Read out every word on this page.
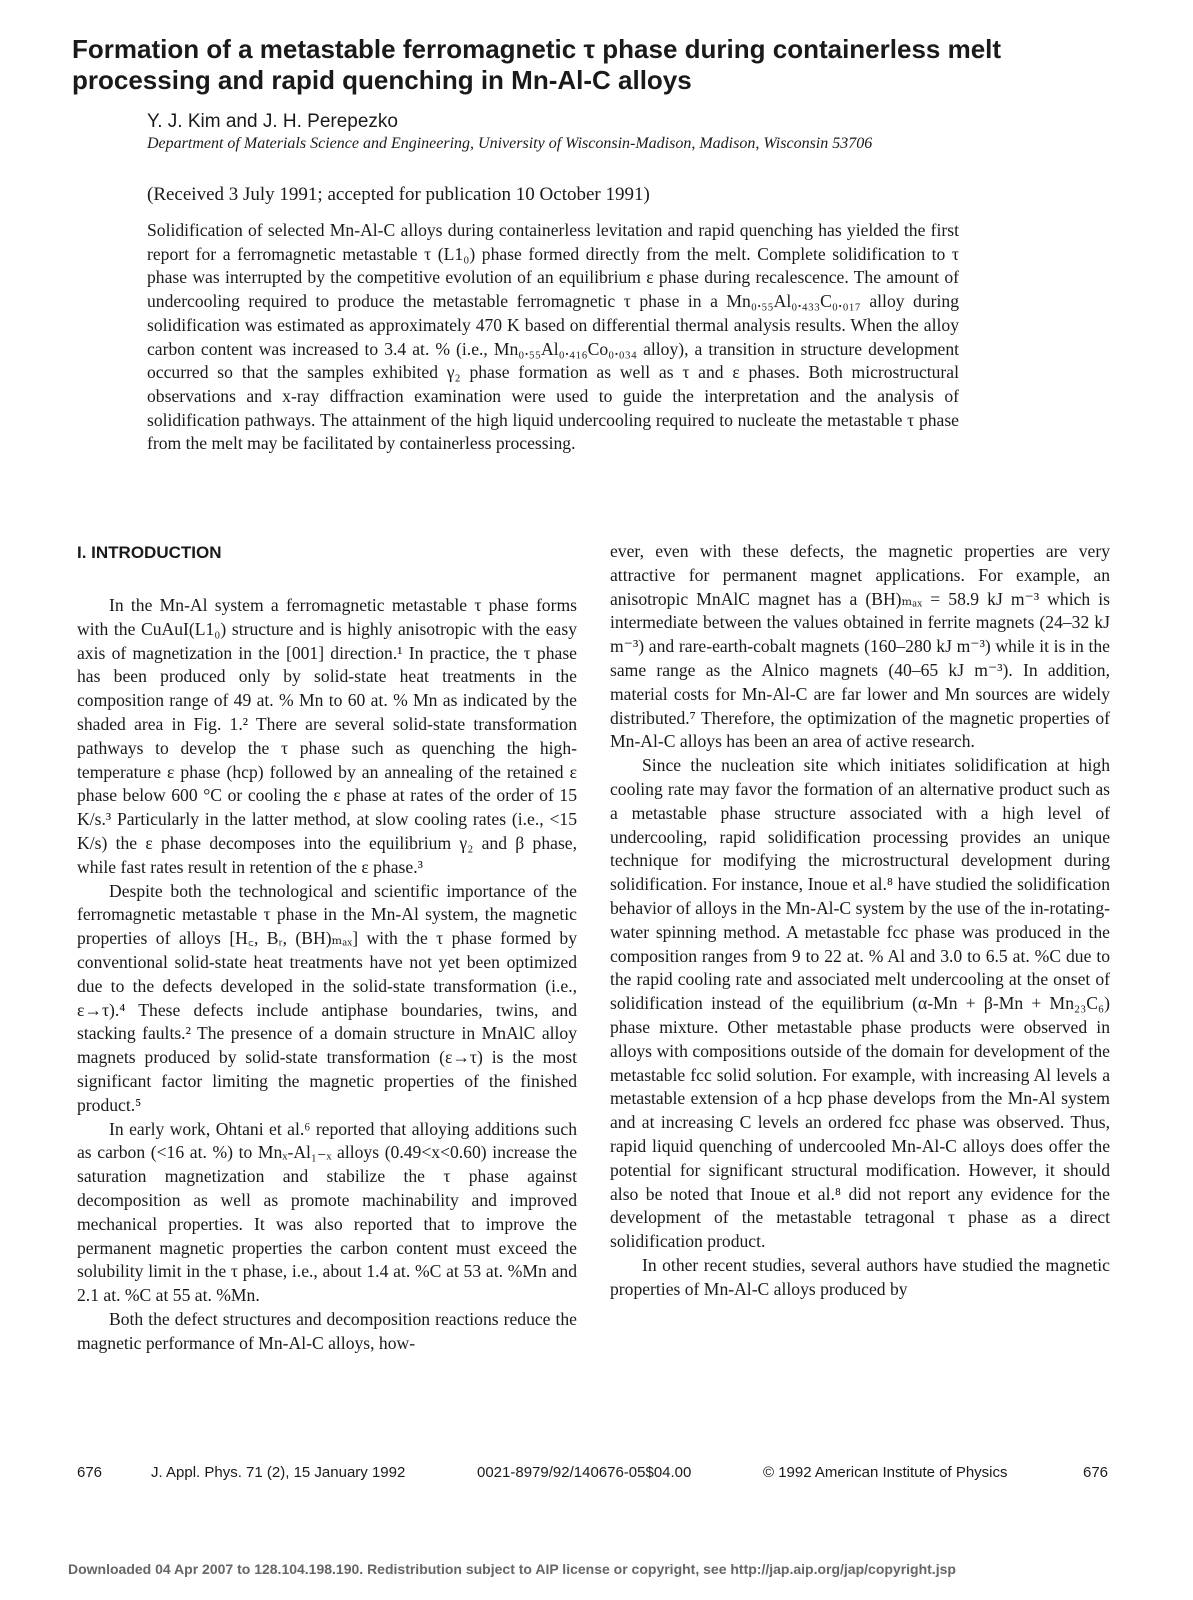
Formation of a metastable ferromagnetic τ phase during containerless melt processing and rapid quenching in Mn-Al-C alloys

Y. J. Kim and J. H. Perepezko

Department of Materials Science and Engineering, University of Wisconsin-Madison, Madison, Wisconsin 53706

(Received 3 July 1991; accepted for publication 10 October 1991)

Solidification of selected Mn-Al-C alloys during containerless levitation and rapid quenching has yielded the first report for a ferromagnetic metastable τ (L1₀) phase formed directly from the melt. Complete solidification to τ phase was interrupted by the competitive evolution of an equilibrium ε phase during recalescence. The amount of undercooling required to produce the metastable ferromagnetic τ phase in a Mn₀.₅₅Al₀.₄₃₃C₀.₀₁₇ alloy during solidification was estimated as approximately 470 K based on differential thermal analysis results. When the alloy carbon content was increased to 3.4 at. % (i.e., Mn₀.₅₅Al₀.₄₁₆Co₀.₀₃₄ alloy), a transition in structure development occurred so that the samples exhibited γ₂ phase formation as well as τ and ε phases. Both microstructural observations and x-ray diffraction examination were used to guide the interpretation and the analysis of solidification pathways. The attainment of the high liquid undercooling required to nucleate the metastable τ phase from the melt may be facilitated by containerless processing.

I. INTRODUCTION

In the Mn-Al system a ferromagnetic metastable τ phase forms with the CuAuI(L1₀) structure and is highly anisotropic with the easy axis of magnetization in the [001] direction.¹ In practice, the τ phase has been produced only by solid-state heat treatments in the composition range of 49 at. % Mn to 60 at. % Mn as indicated by the shaded area in Fig. 1.² There are several solid-state transformation pathways to develop the τ phase such as quenching the high-temperature ε phase (hcp) followed by an annealing of the retained ε phase below 600 °C or cooling the ε phase at rates of the order of 15 K/s.³ Particularly in the latter method, at slow cooling rates (i.e., <15 K/s) the ε phase decomposes into the equilibrium γ₂ and β phase, while fast rates result in retention of the ε phase.³

Despite both the technological and scientific importance of the ferromagnetic metastable τ phase in the Mn-Al system, the magnetic properties of alloys [H꜀, Bᵣ, (BH)ₘₐₓ] with the τ phase formed by conventional solid-state heat treatments have not yet been optimized due to the defects developed in the solid-state transformation (i.e., ε→τ).⁴ These defects include antiphase boundaries, twins, and stacking faults.² The presence of a domain structure in MnAlC alloy magnets produced by solid-state transformation (ε→τ) is the most significant factor limiting the magnetic properties of the finished product.⁵

In early work, Ohtani et al.⁶ reported that alloying additions such as carbon (<16 at. %) to Mnₓ-Al₁₋ₓ alloys (0.49<x<0.60) increase the saturation magnetization and stabilize the τ phase against decomposition as well as promote machinability and improved mechanical properties. It was also reported that to improve the permanent magnetic properties the carbon content must exceed the solubility limit in the τ phase, i.e., about 1.4 at. %C at 53 at. %Mn and 2.1 at. %C at 55 at. %Mn.

Both the defect structures and decomposition reactions reduce the magnetic performance of Mn-Al-C alloys, how-

ever, even with these defects, the magnetic properties are very attractive for permanent magnet applications. For example, an anisotropic MnAlC magnet has a (BH)ₘₐₓ = 58.9 kJ m⁻³ which is intermediate between the values obtained in ferrite magnets (24–32 kJ m⁻³) and rare-earth-cobalt magnets (160–280 kJ m⁻³) while it is in the same range as the Alnico magnets (40–65 kJ m⁻³). In addition, material costs for Mn-Al-C are far lower and Mn sources are widely distributed.⁷ Therefore, the optimization of the magnetic properties of Mn-Al-C alloys has been an area of active research.

Since the nucleation site which initiates solidification at high cooling rate may favor the formation of an alternative product such as a metastable phase structure associated with a high level of undercooling, rapid solidification processing provides an unique technique for modifying the microstructural development during solidification. For instance, Inoue et al.⁸ have studied the solidification behavior of alloys in the Mn-Al-C system by the use of the in-rotating-water spinning method. A metastable fcc phase was produced in the composition ranges from 9 to 22 at. % Al and 3.0 to 6.5 at. %C due to the rapid cooling rate and associated melt undercooling at the onset of solidification instead of the equilibrium (α-Mn + β-Mn + Mn₂₃C₆) phase mixture. Other metastable phase products were observed in alloys with compositions outside of the domain for development of the metastable fcc solid solution. For example, with increasing Al levels a metastable extension of a hcp phase develops from the Mn-Al system and at increasing C levels an ordered fcc phase was observed. Thus, rapid liquid quenching of undercooled Mn-Al-C alloys does offer the potential for significant structural modification. However, it should also be noted that Inoue et al.⁸ did not report any evidence for the development of the metastable tetragonal τ phase as a direct solidification product.

In other recent studies, several authors have studied the magnetic properties of Mn-Al-C alloys produced by

676	J. Appl. Phys. 71 (2), 15 January 1992	0021-8979/92/140676-05$04.00	© 1992 American Institute of Physics	676

Downloaded 04 Apr 2007 to 128.104.198.190. Redistribution subject to AIP license or copyright, see http://jap.aip.org/jap/copyright.jsp
